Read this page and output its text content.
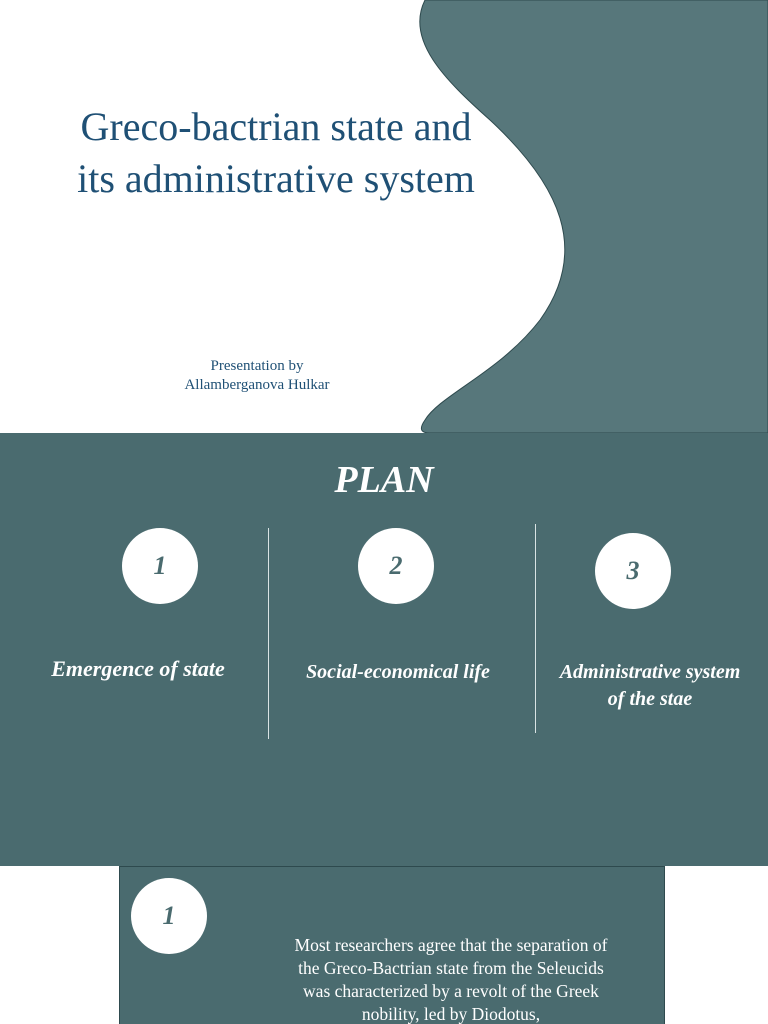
Greco-bactrian state and its administrative system
Presentation by
Allamberganova Hulkar
PLAN
1	2	3
Emergence of state	Social-economical life	Administrative system of the stae
1

Most researchers agree that the separation of the Greco-Bactrian state from the Seleucids was characterized by a revolt of the Greek nobility, led by Diodotus,
